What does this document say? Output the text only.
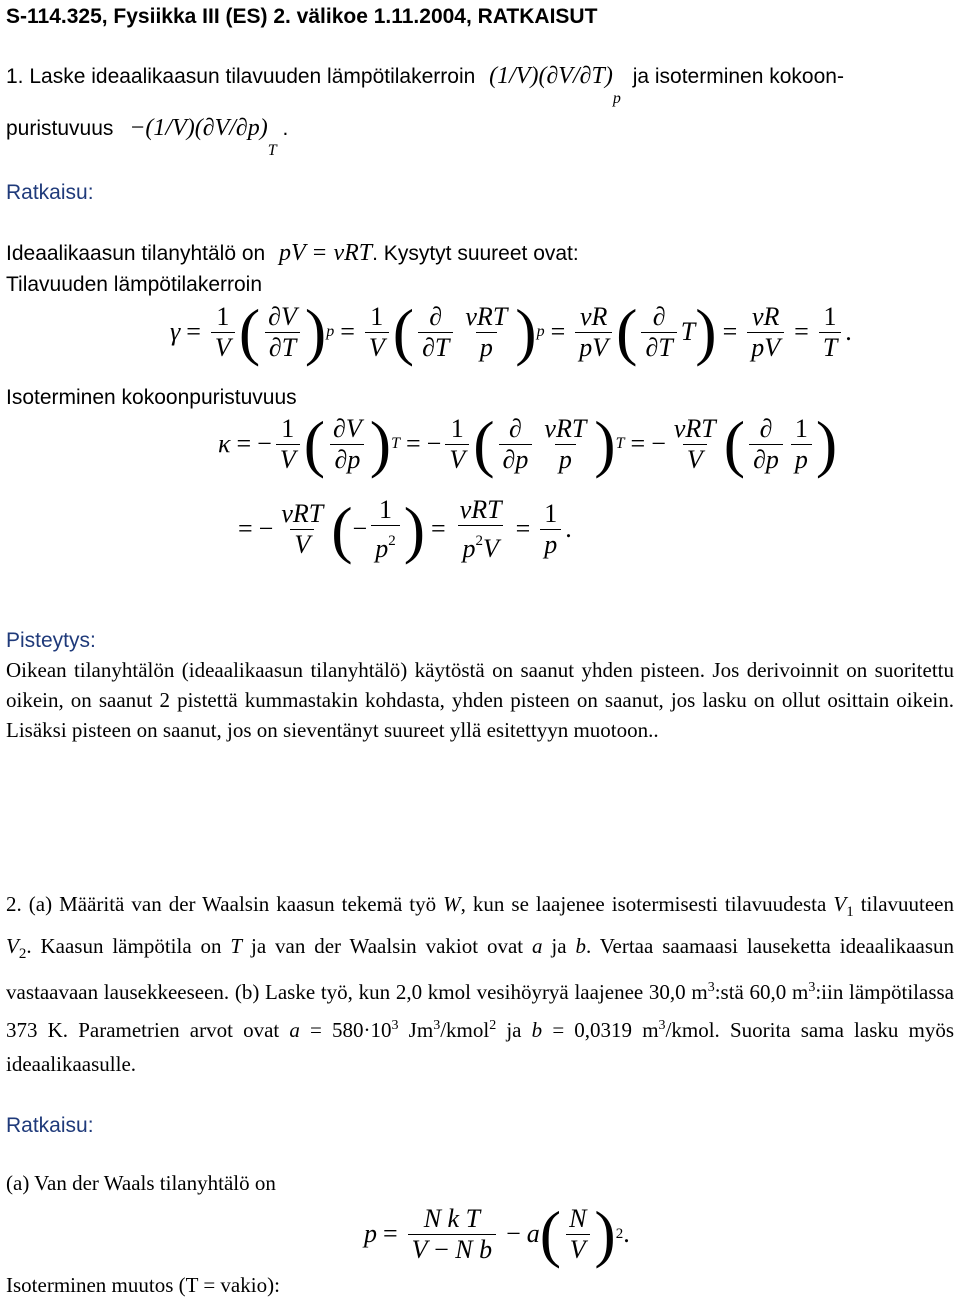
S-114.325, Fysiikka III (ES) 2. välikoe 1.11.2004, RATKAISUT
1. Laske ideaalikaasun tilavuuden lämpötilakerroin $(1/V)(\partial V/\partial T)_p$ ja isoterminen kokoon-
puristuvuus $-(1/V)(\partial V/\partial p)_T$ .
Ratkaisu:
Ideaalikaasun tilanyhtälö on pV = νRT. Kysytyt suureet ovat:
Tilavuuden lämpötilakerroin
$\gamma = \frac{1}{V}$ ( $\frac{\partial V}{\partial T}$ ) $p = \frac{1}{V}$ ( $\frac{\partial}{\partial T} \frac{\text{νRT}}{p}$ ) $p = \frac{\nu R}{pV}$ ( $\frac{\partial}{\partial T}$ T ) = $\frac{\nu R}{pV} = \frac{1}{T}$ .
Isoterminen kokoonpuristuvuus
κ = − $\frac{1}{V}$ ( $\frac{\partial V}{\partial p}$ ) T = − $\frac{1}{V}$ ( $\frac{\partial}{\partial p} \frac{\text{νRT}}{p}$ ) T = − $\frac{\text{νRT}}{V}$ ( $\frac{\partial}{\partial p} \frac{1}{p}$ )
= − $\frac{\text{νRT}}{V}$ ( − $\frac{1}{p^2}$ ) = $\frac{\text{νRT}}{p^2V} = \frac{1}{p}$ .
Pisteytys:
Oikean tilanyhtälön (ideaalikaasun tilanyhtälö) käytöstä on saanut yhden pisteen. Jos derivoinnit on suoritettu oikein, on saanut 2 pistettä kummastakin kohdasta, yhden pisteen on saanut, jos lasku on ollut osittain oikein. Lisäksi pisteen on saanut, jos on sieventänyt suureet yllä esitettyyn muotoon..
2. (a) Määritä van der Waalsin kaasun tekemä työ W, kun se laajenee isotermisesti tilavuudesta $V_1$ tilavuuteen $V_2$. Kaasun lämpötila on T ja van der Waalsin vakiot ovat a ja b. Vertaa saamaasi lauseketta ideaalikaasun vastaavaan lausekkeeseen. (b) Laske työ, kun 2,0 kmol vesihöyryä laajenee 30,0 $m^3:stä$ 60,0 $m^3:iin$ lämpötilassa 373 K. Parametrien arvot ovat $a = 580\cdot 10^3$ Jm$^3$/kmol$^2$ ja b = 0,0319 $m^3$/kmol. Suorita sama lasku myös ideaalikaasulle.
Ratkaisu:
(a) Van der Waals tilanyhtälö on
$p = \frac{\text{N k T}}{\text{V − N b}} - a$ ( $\frac{N}{V}$ ) 2 .
Isoterminen muutos (T = vakio):
